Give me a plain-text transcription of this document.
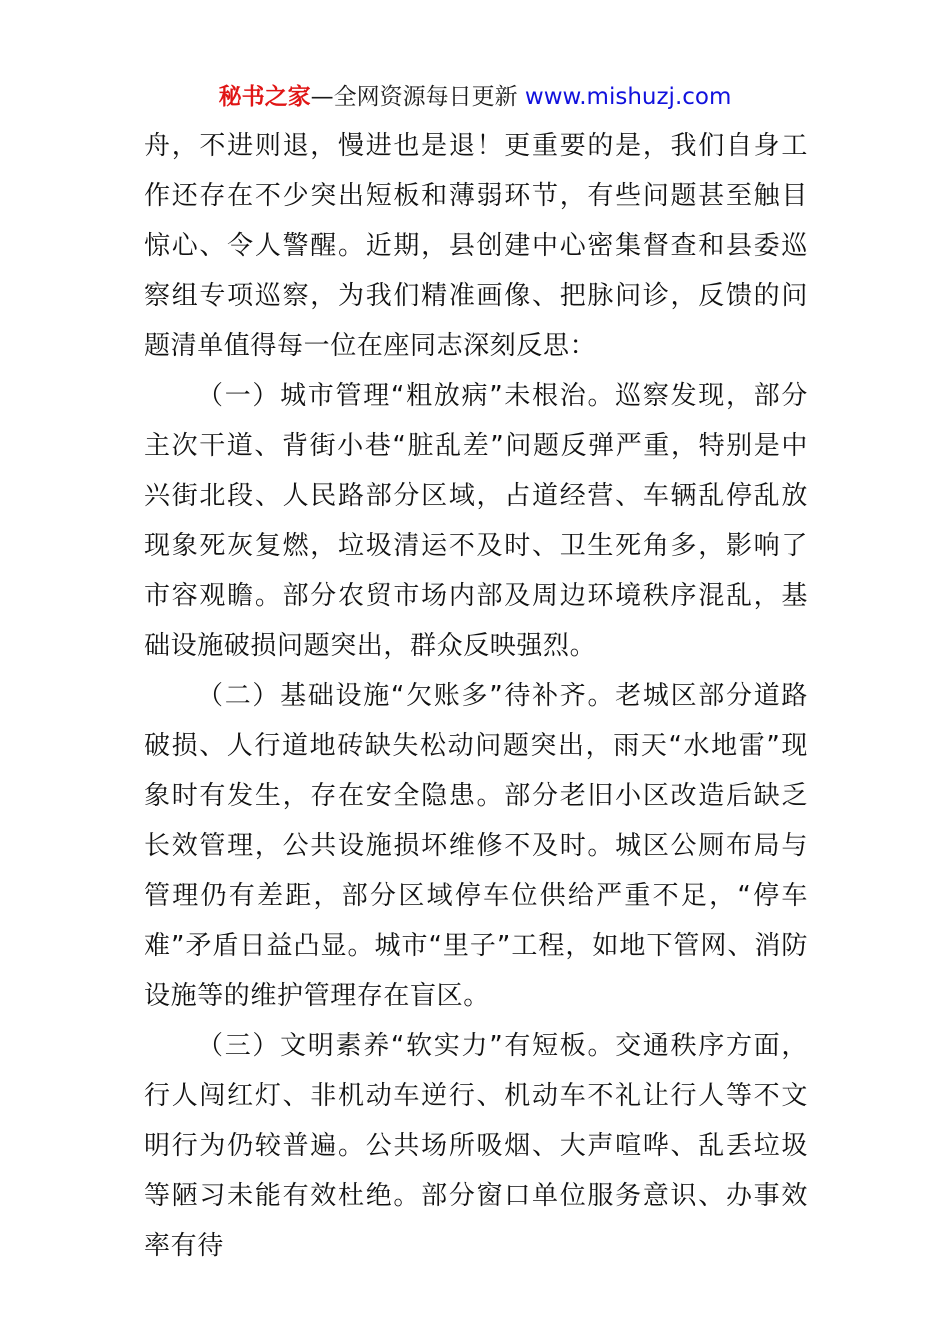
秘书之家—全网资源每日更新 www.mishuzj.com

舟，不进则退，慢进也是退！更重要的是，我们自身工作还存在不少突出短板和薄弱环节，有些问题甚至触目惊心、令人警醒。近期，县创建中心密集督查和县委巡察组专项巡察，为我们精准画像、把脉问诊，反馈的问题清单值得每一位在座同志深刻反思：

（一）城市管理“粗放病”未根治。巡察发现，部分主次干道、背街小巷“脏乱差”问题反弹严重，特别是中兴街北段、人民路部分区域，占道经营、车辆乱停乱放现象死灰复燃，垃圾清运不及时、卫生死角多，影响了市容观瞻。部分农贸市场内部及周边环境秩序混乱，基础设施破损问题突出，群众反映强烈。

（二）基础设施“欠账多”待补齐。老城区部分道路破损、人行道地砖缺失松动问题突出，雨天“水地雷”现象时有发生，存在安全隐患。部分老旧小区改造后缺乏长效管理，公共设施损坏维修不及时。城区公厕布局与管理仍有差距，部分区域停车位供给严重不足，“停车难”矛盾日益凸显。城市“里子”工程，如地下管网、消防设施等的维护管理存在盲区。

（三）文明素养“软实力”有短板。交通秩序方面，行人闯红灯、非机动车逆行、机动车不礼让行人等不文明行为仍较普遍。公共场所吸烟、大声喧哗、乱丢垃圾等陋习未能有效杜绝。部分窗口单位服务意识、办事效率有待
